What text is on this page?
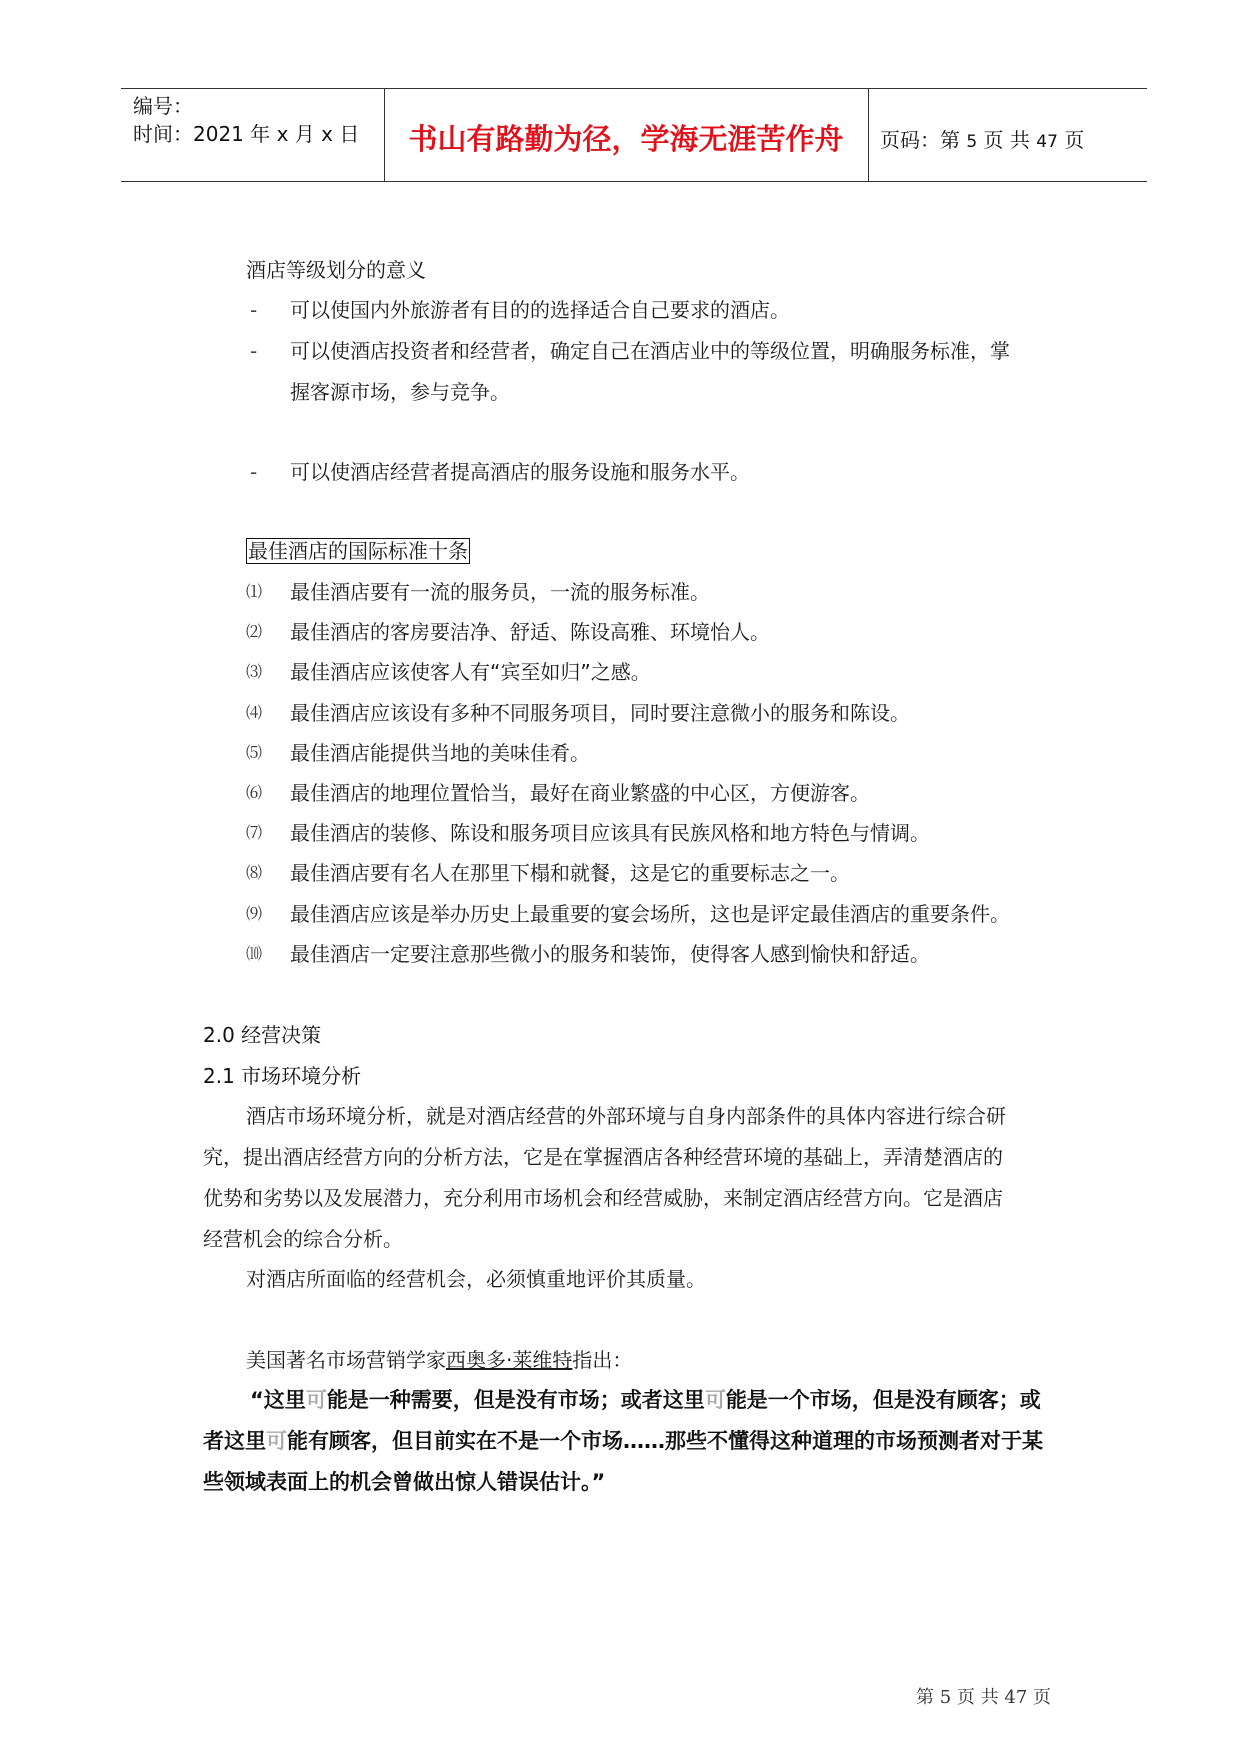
编号：
时间：2021 年 x 月 x 日	书山有路勤为径，学海无涯苦作舟	页码：第 5 页 共 47 页
酒店等级划分的意义
- 可以使国内外旅游者有目的的选择适合自己要求的酒店。
- 可以使酒店投资者和经营者，确定自己在酒店业中的等级位置，明确服务标准，掌
握客源市场，参与竞争。
- 可以使酒店经营者提高酒店的服务设施和服务水平。
最佳酒店的国际标准十条
⑴ 最佳酒店要有一流的服务员，一流的服务标准。
⑵ 最佳酒店的客房要洁净、舒适、陈设高雅、环境怡人。
⑶ 最佳酒店应该使客人有“宾至如归”之感。
⑷ 最佳酒店应该设有多种不同服务项目，同时要注意微小的服务和陈设。
⑸ 最佳酒店能提供当地的美味佳肴。
⑹ 最佳酒店的地理位置恰当，最好在商业繁盛的中心区，方便游客。
⑺ 最佳酒店的装修、陈设和服务项目应该具有民族风格和地方特色与情调。
⑻ 最佳酒店要有名人在那里下榻和就餐，这是它的重要标志之一。
⑼ 最佳酒店应该是举办历史上最重要的宴会场所，这也是评定最佳酒店的重要条件。
⑽ 最佳酒店一定要注意那些微小的服务和装饰，使得客人感到愉快和舒适。
2.0 经营决策
2.1 市场环境分析
酒店市场环境分析，就是对酒店经营的外部环境与自身内部条件的具体内容进行综合研
究，提出酒店经营方向的分析方法，它是在掌握酒店各种经营环境的基础上，弄清楚酒店的
优势和劣势以及发展潜力，充分利用市场机会和经营威胁，来制定酒店经营方向。它是酒店
经营机会的综合分析。
对酒店所面临的经营机会，必须慎重地评价其质量。
美国著名市场营销学家西奥多·莱维特指出：
“这里可能是一种需要，但是没有市场；或者这里可能是一个市场，但是没有顾客；或
者这里可能有顾客，但目前实在不是一个市场……那些不懂得这种道理的市场预测者对于某
些领域表面上的机会曾做出惊人错误估计。”
第 5 页 共 47 页
